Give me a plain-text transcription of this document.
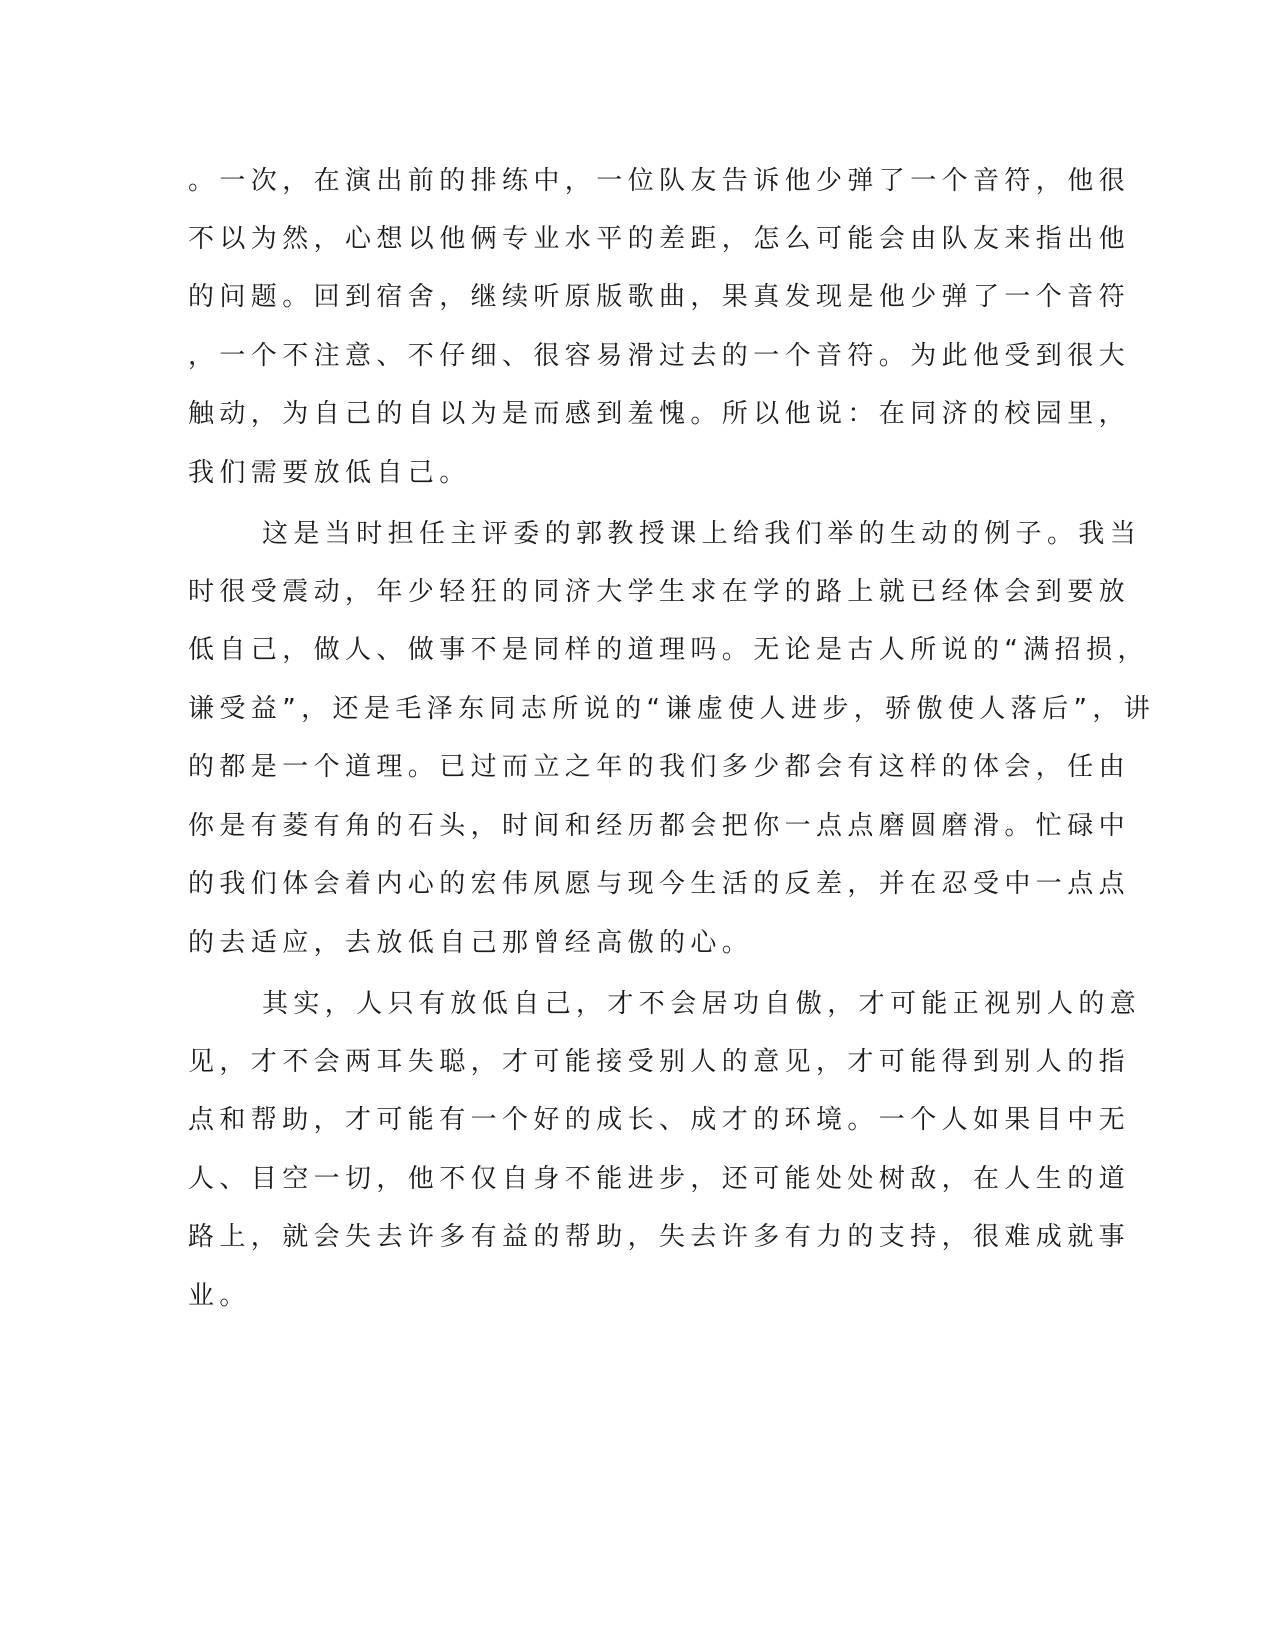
。一次，在演出前的排练中，一位队友告诉他少弹了一个音符，他很
不以为然，心想以他俩专业水平的差距，怎么可能会由队友来指出他
的问题。回到宿舍，继续听原版歌曲，果真发现是他少弹了一个音符
，一个不注意、不仔细、很容易滑过去的一个音符。为此他受到很大
触动，为自己的自以为是而感到羞愧。所以他说：在同济的校园里，
我们需要放低自己。
这是当时担任主评委的郭教授课上给我们举的生动的例子。我当
时很受震动，年少轻狂的同济大学生求在学的路上就已经体会到要放
低自己，做人、做事不是同样的道理吗。无论是古人所说的“满招损，
谦受益”，还是毛泽东同志所说的“谦虚使人进步，骄傲使人落后”，讲
的都是一个道理。已过而立之年的我们多少都会有这样的体会，任由
你是有菱有角的石头，时间和经历都会把你一点点磨圆磨滑。忙碌中
的我们体会着内心的宏伟夙愿与现今生活的反差，并在忍受中一点点
的去适应，去放低自己那曾经高傲的心。
其实，人只有放低自己，才不会居功自傲，才可能正视别人的意
见，才不会两耳失聪，才可能接受别人的意见，才可能得到别人的指
点和帮助，才可能有一个好的成长、成才的环境。一个人如果目中无
人、目空一切，他不仅自身不能进步，还可能处处树敌，在人生的道
路上，就会失去许多有益的帮助，失去许多有力的支持，很难成就事
业。
